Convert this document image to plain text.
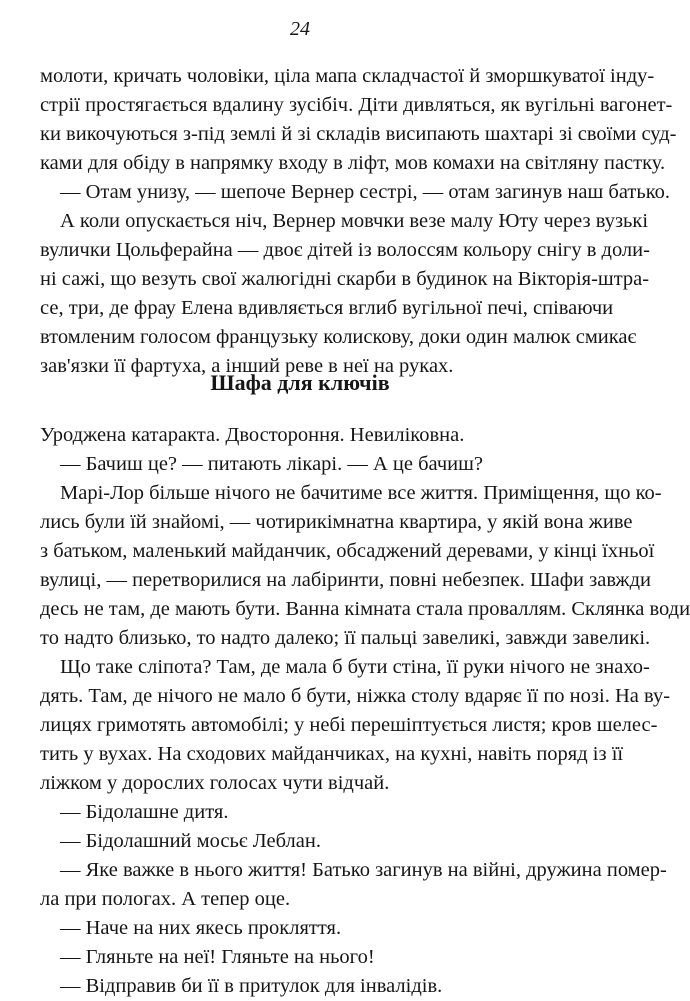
24
молоти, кричать чоловіки, ціла мапа складчастої й зморшкуватої інду-
стрії простягається вдалину зусібіч. Діти дивляться, як вугільні вагонет-
ки викочуються з-під землі й зі складів висипають шахтарі зі своїми суд-
ками для обіду в напрямку входу в ліфт, мов комахи на світляну пастку.
— Отам унизу, — шепоче Вернер сестрі, — отам загинув наш батько.
А коли опускається ніч, Вернер мовчки везе малу Юту через вузькі
вулички Цольферайна — двоє дітей із волоссям кольору снігу в доли-
ні сажі, що везуть свої жалюгідні скарби в будинок на Вікторія-штра-
се, три, де фрау Елена вдивляється вглиб вугільної печі, співаючи
втомленим голосом французьку колискову, доки один малюк смикає
зав'язки її фартуха, а інший реве в неї на руках.
Шафа для ключів
Уроджена катаракта. Двостороння. Невиліковна.
— Бачиш це? — питають лікарі. — А це бачиш?
Марі-Лор більше нічого не бачитиме все життя. Приміщення, що ко-
лись були їй знайомі, — чотирикімнатна квартира, у якій вона живе
з батьком, маленький майданчик, обсаджений деревами, у кінці їхньої
вулиці, — перетворилися на лабіринти, повні небезпек. Шафи завжди
десь не там, де мають бути. Ванна кімната стала проваллям. Склянка води
то надто близько, то надто далеко; її пальці завеликі, завжди завеликі.
Що таке сліпота? Там, де мала б бути стіна, її руки нічого не знахо-
дять. Там, де нічого не мало б бути, ніжка столу вдаряє її по нозі. На ву-
лицях гримотять автомобілі; у небі перешіптується листя; кров шелес-
тить у вухах. На сходових майданчиках, на кухні, навіть поряд із її
ліжком у дорослих голосах чути відчай.
— Бідолашне дитя.
— Бідолашний мосьє Леблан.
— Яке важке в нього життя! Батько загинув на війні, дружина помер-
ла при пологах. А тепер оце.
— Наче на них якесь прокляття.
— Гляньте на неї! Гляньте на нього!
— Відправив би її в притулок для інвалідів.
